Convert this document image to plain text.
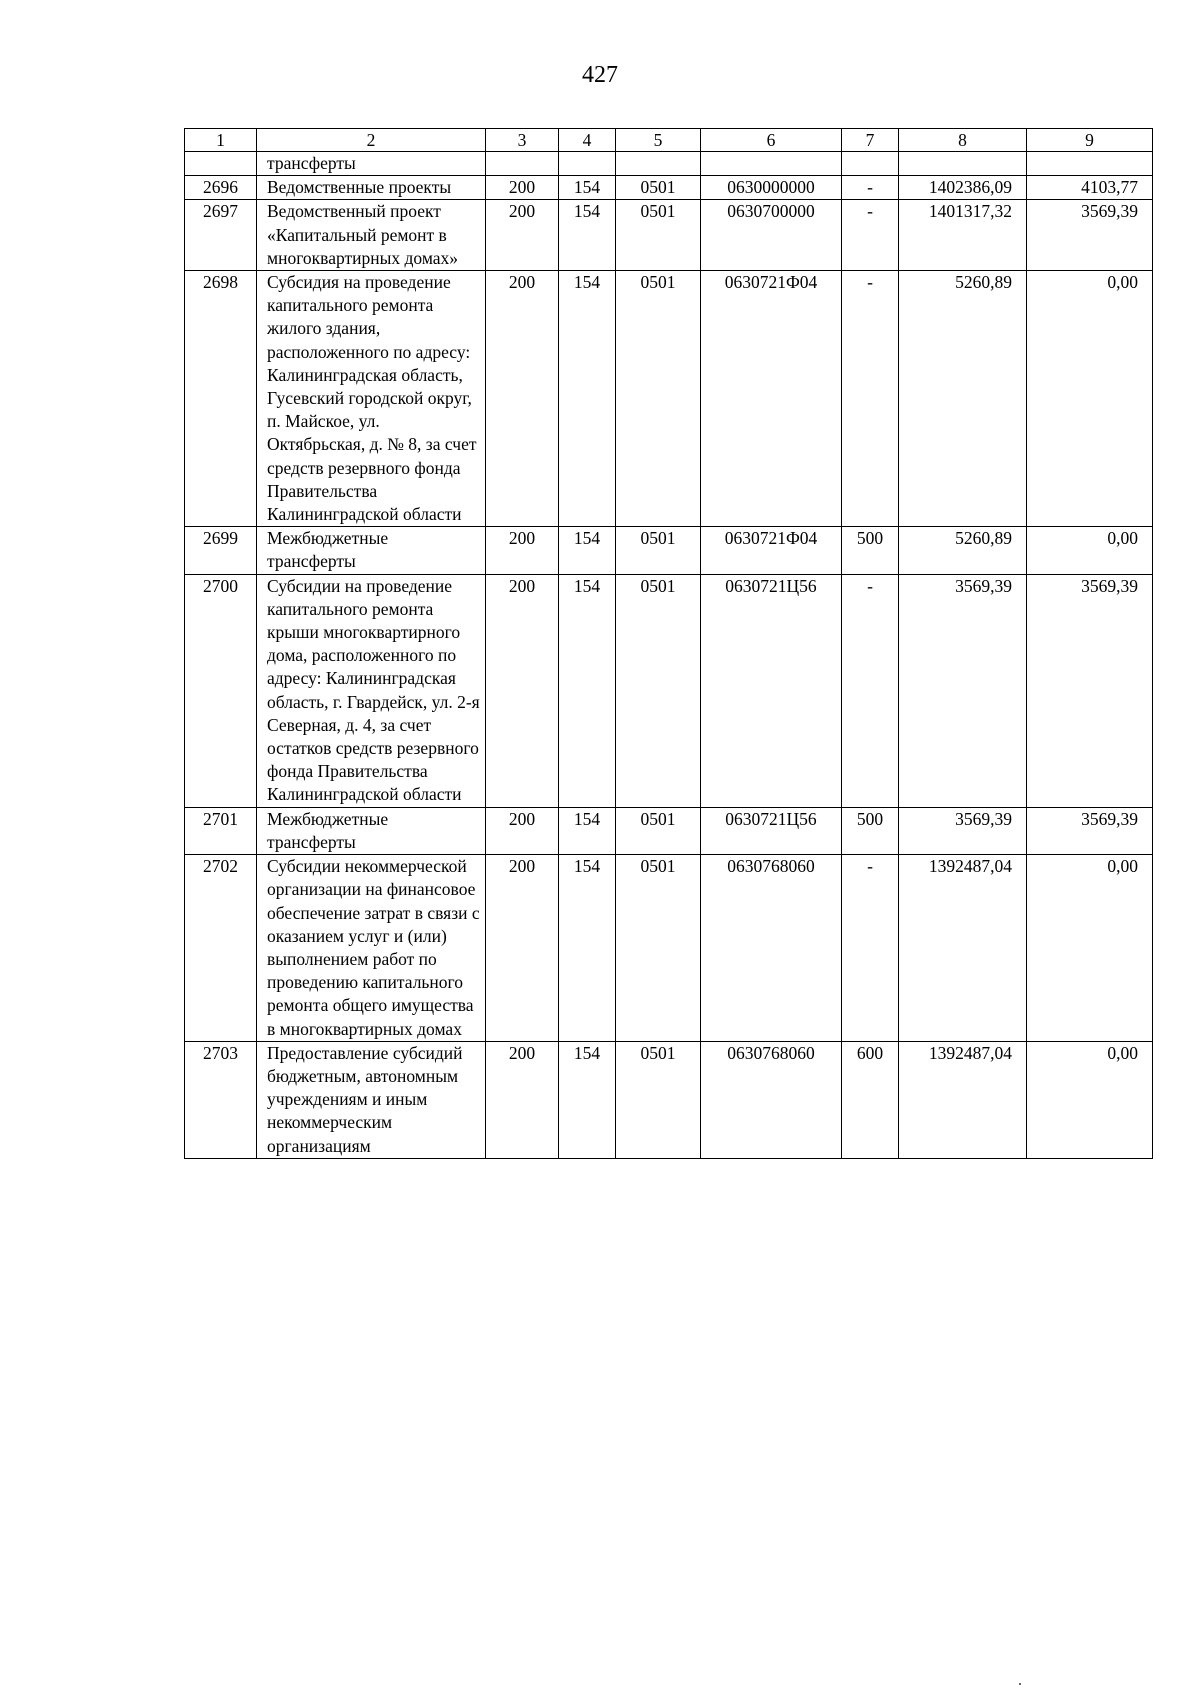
427
1	2	3	4	5	6	7	8	9
	трансферты							
2696	Ведомственные проекты	200	154	0501	0630000000	-	1402386,09	4103,77
2697	Ведомственный проект «Капитальный ремонт в многоквартирных домах»	200	154	0501	0630700000	-	1401317,32	3569,39
2698	Субсидия на проведение капитального ремонта жилого здания, расположенного по адресу: Калининградская область, Гусевский городской округ, п. Майское, ул. Октябрьская, д. № 8, за счет средств резервного фонда Правительства Калининградской области	200	154	0501	0630721Ф04	-	5260,89	0,00
2699	Межбюджетные трансферты	200	154	0501	0630721Ф04	500	5260,89	0,00
2700	Субсидии на проведение капитального ремонта крыши многоквартирного дома, расположенного по адресу: Калининградская область, г. Гвардейск, ул. 2-я Северная, д. 4, за счет остатков средств резервного фонда Правительства Калининградской области	200	154	0501	0630721Ц56	-	3569,39	3569,39
2701	Межбюджетные трансферты	200	154	0501	0630721Ц56	500	3569,39	3569,39
2702	Субсидии некоммерческой организации на финансовое обеспечение затрат в связи с оказанием услуг и (или) выполнением работ по проведению капитального ремонта общего имущества в многоквартирных домах	200	154	0501	0630768060	-	1392487,04	0,00
2703	Предоставление субсидий бюджетным, автономным учреждениям и иным некоммерческим организациям	200	154	0501	0630768060	600	1392487,04	0,00
